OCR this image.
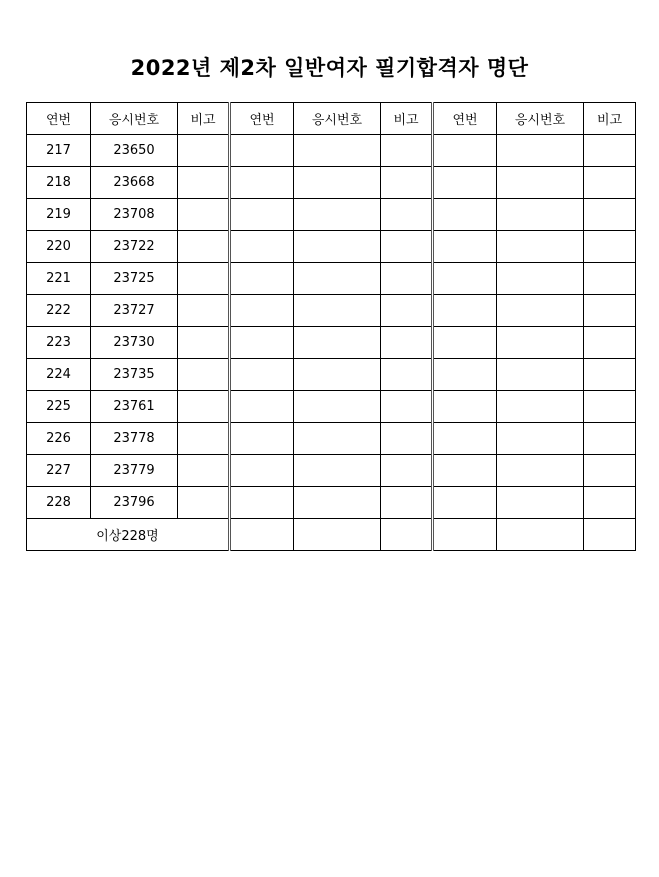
2022년 제2차 일반여자 필기합격자 명단
연번	응시번호	비고	연번	응시번호	비고	연번	응시번호	비고
217	23650							
218	23668							
219	23708							
220	23722							
221	23725							
222	23727							
223	23730							
224	23735							
225	23761							
226	23778							
227	23779							
228	23796							
이상228명								
